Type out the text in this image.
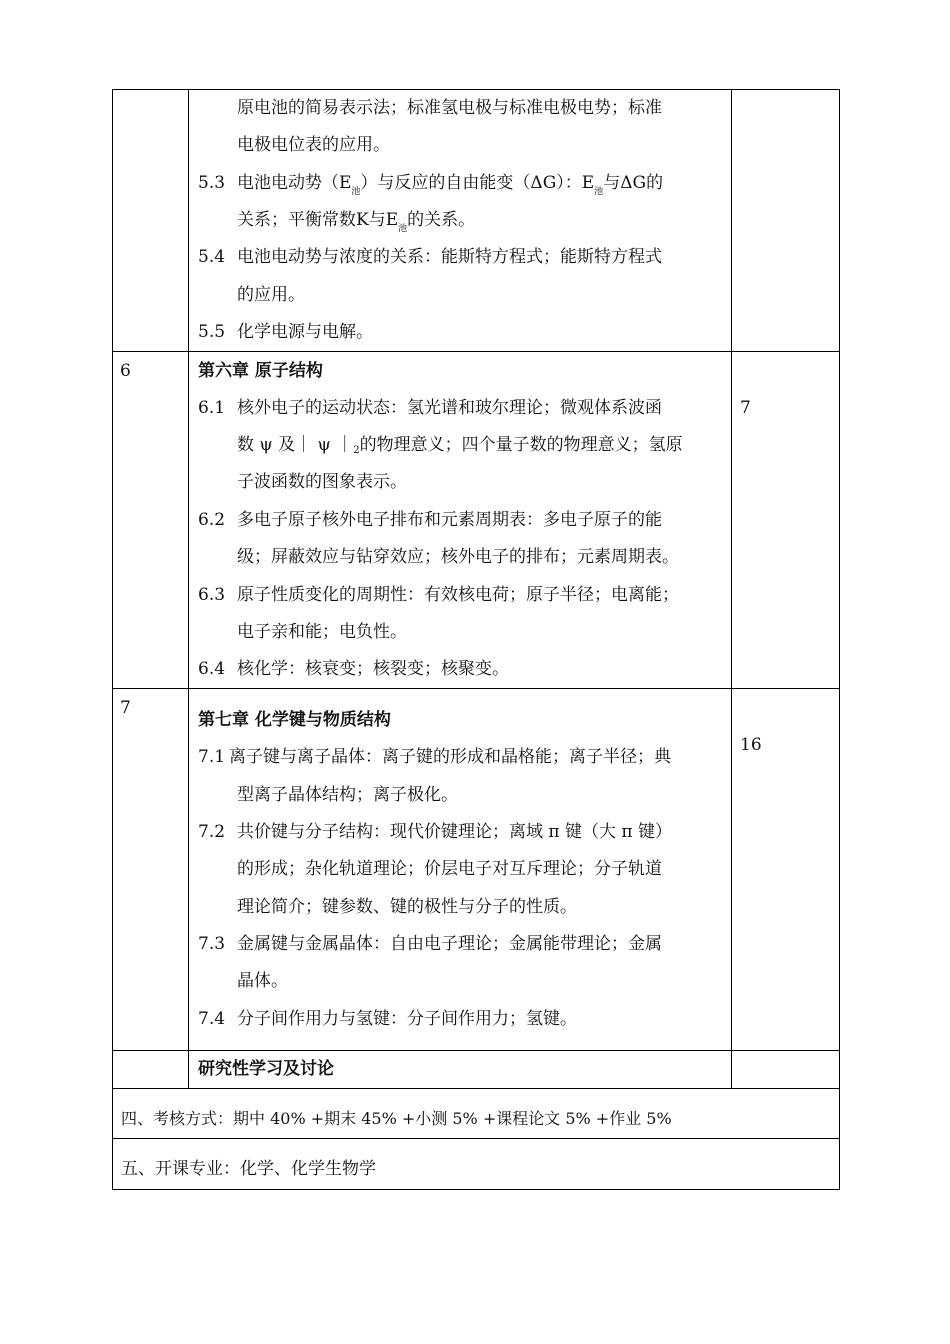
原电池的简易表示法；标准氢电极与标准电极电势；标准
电极电位表的应用。
5.3 电池电动势$(E_池)$与反应的自由能变（ΔG）：$E_池$与ΔG的
关系；平衡常数K与$E_池$的关系。
5.4 电池电动势与浓度的关系：能斯特方程式；能斯特方程式
的应用。
5.5 化学电源与电解。
6	第六章 原子结构
7
6.1 核外电子的运动状态：氢光谱和玻尔理论；微观体系波函
数 ψ 及｜ ψ $|_2$的物理意义；四个量子数的物理意义；氢原
子波函数的图象表示。
6.2 多电子原子核外电子排布和元素周期表：多电子原子的能
级；屏蔽效应与钻穿效应；核外电子的排布；元素周期表。
6.3 原子性质变化的周期性：有效核电荷；原子半径；电离能；
电子亲和能；电负性。
6.4 核化学：核衰变；核裂变；核聚变。
7
第七章 化学键与物质结构
16
7.1 离子键与离子晶体：离子键的形成和晶格能；离子半径；典
型离子晶体结构；离子极化。
7.2 共价键与分子结构：现代价键理论；离域 π 键（大 π 键）
的形成；杂化轨道理论；价层电子对互斥理论；分子轨道
理论简介；键参数、键的极性与分子的性质。
7.3 金属键与金属晶体：自由电子理论；金属能带理论；金属
晶体。
7.4 分子间作用力与氢键：分子间作用力；氢键。
研究性学习及讨论
四、考核方式：期中 40% +期末 45% +小测 5% +课程论文 5% +作业 5%
五、开课专业：化学、化学生物学
